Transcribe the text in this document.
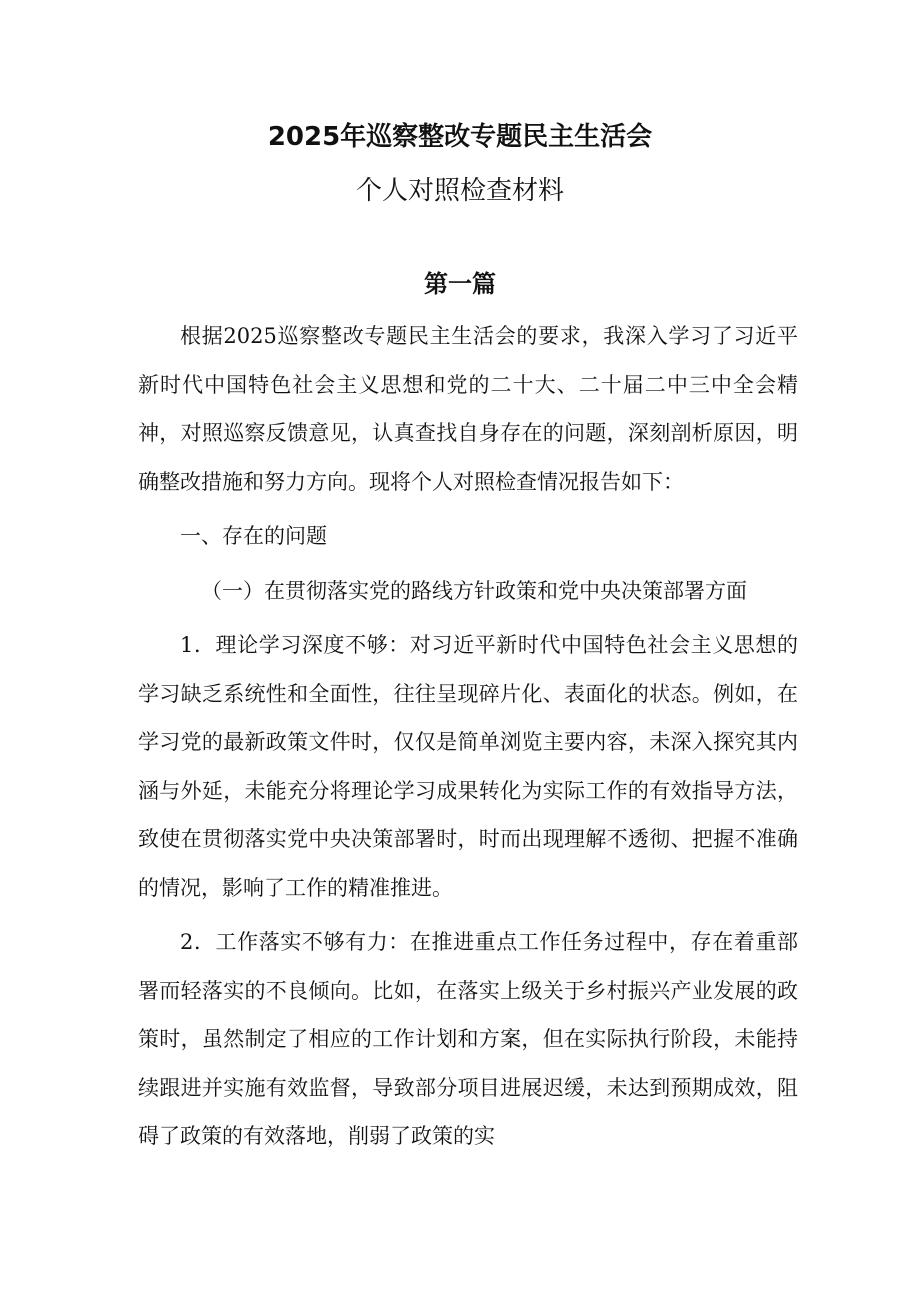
2025年巡察整改专题民主生活会
个人对照检查材料
第一篇

根据2025巡察整改专题民主生活会的要求，我深入学习了习近平新时代中国特色社会主义思想和党的二十大、二十届二中三中全会精神，对照巡察反馈意见，认真查找自身存在的问题，深刻剖析原因，明确整改措施和努力方向。现将个人对照检查情况报告如下：

一、存在的问题

（一）在贯彻落实党的路线方针政策和党中央决策部署方面

1．理论学习深度不够：对习近平新时代中国特色社会主义思想的学习缺乏系统性和全面性，往往呈现碎片化、表面化的状态。例如，在学习党的最新政策文件时，仅仅是简单浏览主要内容，未深入探究其内涵与外延，未能充分将理论学习成果转化为实际工作的有效指导方法，致使在贯彻落实党中央决策部署时，时而出现理解不透彻、把握不准确的情况，影响了工作的精准推进。

2．工作落实不够有力：在推进重点工作任务过程中，存在着重部署而轻落实的不良倾向。比如，在落实上级关于乡村振兴产业发展的政策时，虽然制定了相应的工作计划和方案，但在实际执行阶段，未能持续跟进并实施有效监督，导致部分项目进展迟缓，未达到预期成效，阻碍了政策的有效落地，削弱了政策的实
